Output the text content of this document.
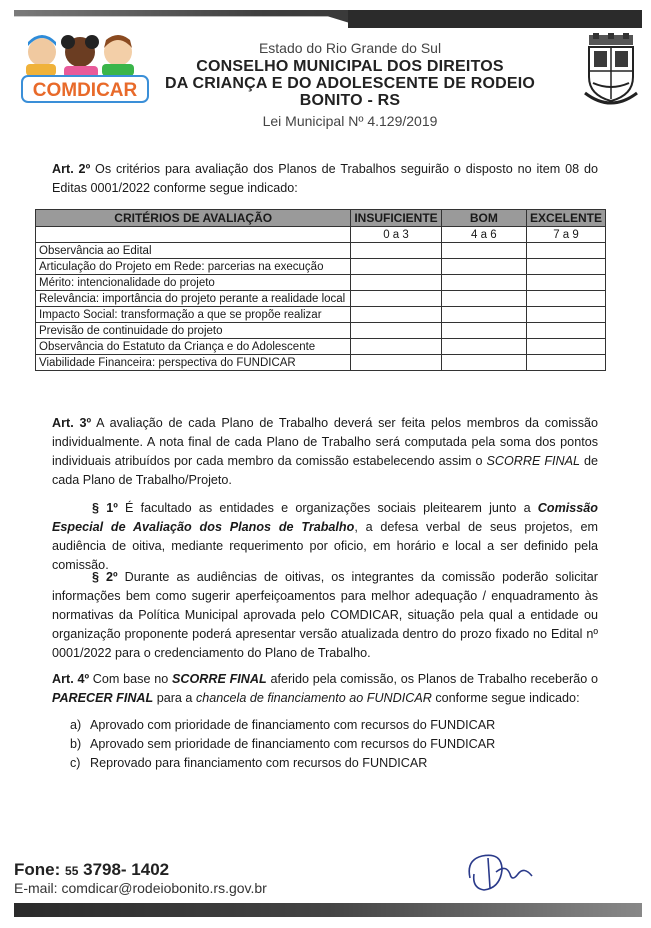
COMDICAR
Estado do Rio Grande do Sul
CONSELHO MUNICIPAL DOS DIREITOS
DA CRIANÇA E DO ADOLESCENTE DE RODEIO BONITO - RS
Lei Municipal Nº 4.129/2019
Art. 2º Os critérios para avaliação dos Planos de Trabalhos seguirão o disposto no item 08 do Editas 0001/2022 conforme segue indicado:
CRITÉRIOS DE AVALIAÇÃO	INSUFICIENTE	BOM	EXCELENTE
	0 a 3	4 a 6	7 a 9
Observância ao Edital			
Articulação do Projeto em Rede: parcerias na execução			
Mérito: intencionalidade do projeto			
Relevância: importância do projeto perante a realidade local			
Impacto Social: transformação a que se propõe realizar			
Previsão de continuidade do projeto			
Observância do Estatuto da Criança e do Adolescente			
Viabilidade Financeira: perspectiva do FUNDICAR			
Art. 3º A avaliação de cada Plano de Trabalho deverá ser feita pelos membros da comissão individualmente. A nota final de cada Plano de Trabalho será computada pela soma dos pontos individuais atribuídos por cada membro da comissão estabelecendo assim o SCORRE FINAL de cada Plano de Trabalho/Projeto.
§ 1º É facultado as entidades e organizações sociais pleitearem junto a Comissão Especial de Avaliação dos Planos de Trabalho, a defesa verbal de seus projetos, em audiência de oitiva, mediante requerimento por oficio, em horário e local a ser definido pela comissão.
§ 2º Durante as audiências de oitivas, os integrantes da comissão poderão solicitar informações bem como sugerir aperfeiçoamentos para melhor adequação / enquadramento às normativas da Política Municipal aprovada pelo COMDICAR, situação pela qual a entidade ou organização proponente poderá apresentar versão atualizada dentro do prozo fixado no Edital nº 0001/2022 para o credenciamento do Plano de Trabalho.
Art. 4º Com base no SCORRE FINAL aferido pela comissão, os Planos de Trabalho receberão o PARECER FINAL para a chancela de financiamento ao FUNDICAR conforme segue indicado:
a) Aprovado com prioridade de financiamento com recursos do FUNDICAR
b) Aprovado sem prioridade de financiamento com recursos do FUNDICAR
c) Reprovado para financiamento com recursos do FUNDICAR
Fone: 55 3798- 1402
E-mail: comdicar@rodeiobonito.rs.gov.br
